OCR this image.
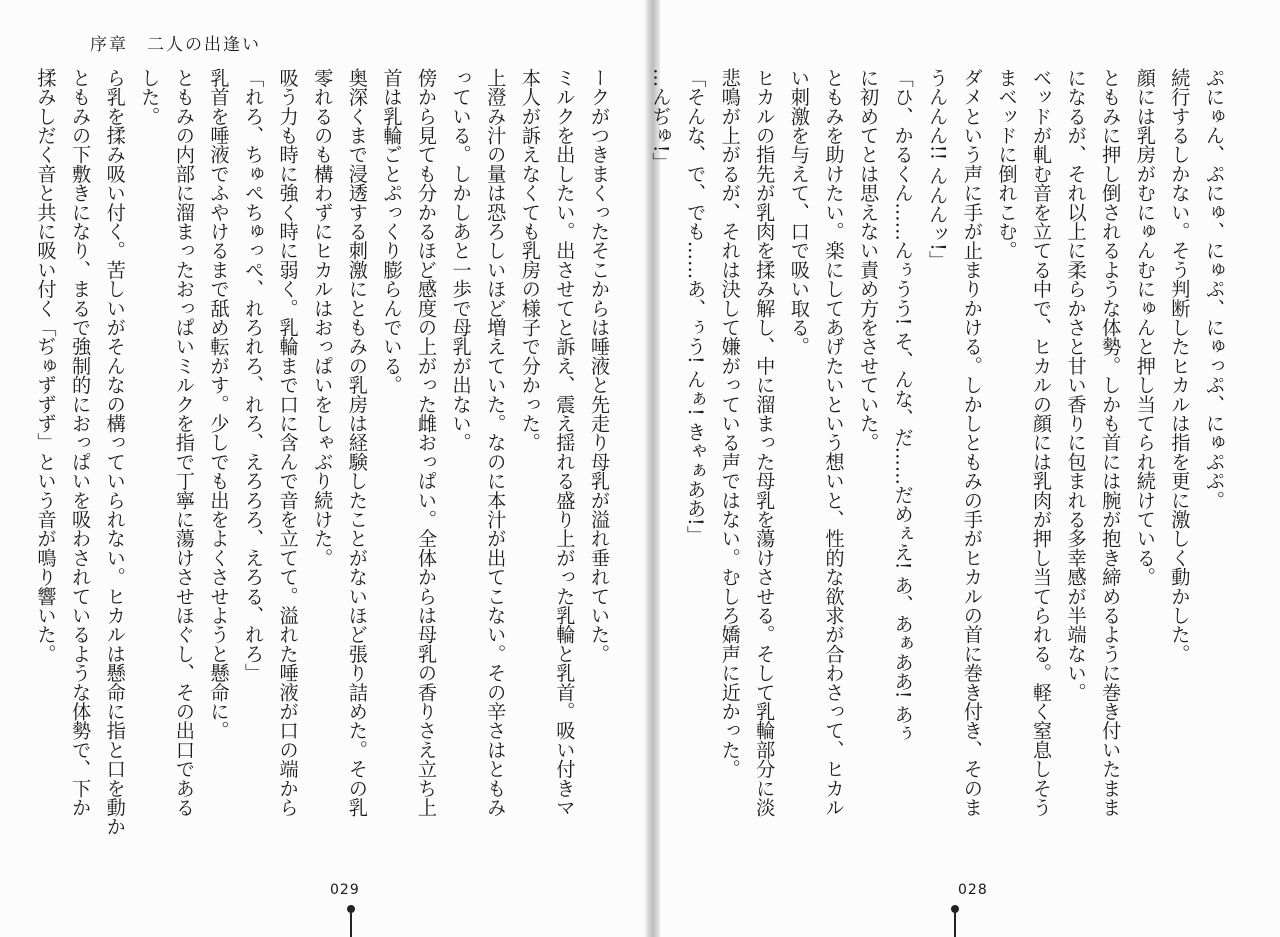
序章　二人の出逢い
ークがつきまくったそこからは唾液と先走り母乳が溢れ垂れていた。
ミルクを出したい。出させてと訴え、震え揺れる盛り上がった乳輪と乳首。吸い付きマ
本人が訴えなくても乳房の様子で分かった。
上澄み汁の量は恐ろしいほど増えていた。なのに本汁が出てこない。その辛さはともみ
っている。しかしあと一歩で母乳が出ない。
傍から見ても分かるほど感度の上がった雌おっぱい。全体からは母乳の香りさえ立ち上
首は乳輪ごとぷっくり膨らんでいる。
奥深くまで浸透する刺激にともみの乳房は経験したことがないほど張り詰めた。その乳
零れるのも構わずにヒカルはおっぱいをしゃぶり続けた。
吸う力も時に強く時に弱く。乳輪まで口に含んで音を立てて。溢れた唾液が口の端から
「れろ、ちゅぺちゅっぺ、れろれろ、れろ、えろろろ、えろる、れろ」
乳首を唾液でふやけるまで舐め転がす。少しでも出をよくさせようと懸命に。
ともみの内部に溜まったおっぱいミルクを指で丁寧に蕩けさせほぐし、その出口である
した。
ら乳を揉み吸い付く。苦しいがそんなの構っていられない。ヒカルは懸命に指と口を動か
ともみの下敷きになり、まるで強制的におっぱいを吸わされているような体勢で、下か
揉みしだく音と共に吸い付く「ぢゅずずず」という音が鳴り響いた。
029
ぷにゅん、ぷにゅ、にゅぷ、にゅっぷ、にゅぷぷ。
続行するしかない。そう判断したヒカルは指を更に激しく動かした。
顔には乳房がむにゅんむにゅんと押し当てられ続けている。
ともみに押し倒されるような体勢。しかも首には腕が抱き締めるように巻き付いたまま
になるが、それ以上に柔らかさと甘い香りに包まれる多幸感が半端ない。
ベッドが軋む音を立てる中で、ヒカルの顔には乳肉が押し当てられる。軽く窒息しそう
まベッドに倒れこむ。
ダメという声に手が止まりかける。しかしともみの手がヒカルの首に巻き付き、そのま
うんんん!! んんんッ!」
「ひ、かるくん……んぅうう! そ、んな、だ……だめぇえ! あ、あぁああ! あぅ
に初めてとは思えない責め方をさせていた。
ともみを助けたい。楽にしてあげたいという想いと、性的な欲求が合わさって、ヒカル
い刺激を与えて、口で吸い取る。
ヒカルの指先が乳肉を揉み解し、中に溜まった母乳を蕩けさせる。そして乳輪部分に淡
悲鳴が上がるが、それは決して嫌がっている声ではない。むしろ嬌声に近かった。
「そんな、で、でも……あ、ぅう! んぁ! きゃぁああ!」
…んぢゅ!」
028
